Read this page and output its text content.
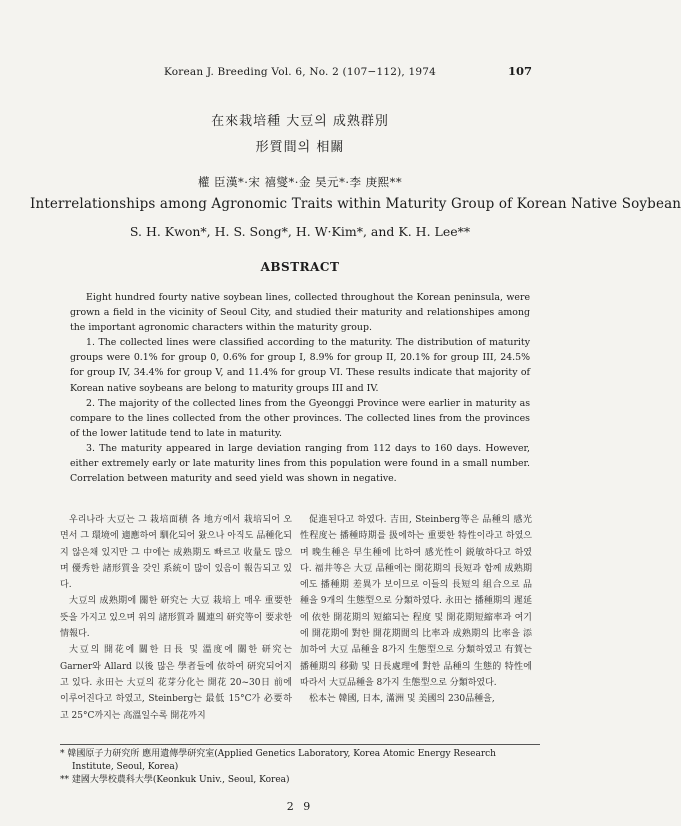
Korean J. Breeding Vol. 6, No. 2 (107−112), 1974	107
在來栽培種 大豆의 成熟群別
形質間의 相關
權 臣漢*·宋 禧燮*·金 昊元*·李 庚熙**
Interrelationships among Agronomic Traits within Maturity Group of Korean Native Soybean
S. H. Kwon*, H. S. Song*, H. W·Kim*, and K. H. Lee**
ABSTRACT

Eight hundred fourty native soybean lines, collected throughout the Korean peninsula, were grown a field in the vicinity of Seoul City, and studied their maturity and relationshipes among the important agronomic characters within the maturity group.

1. The collected lines were classified according to the maturity. The distribution of maturity groups were 0.1% for group 0, 0.6% for group I, 8.9% for group II, 20.1% for group III, 24.5% for group IV, 34.4% for group V, and 11.4% for group VI. These results indicate that majority of Korean native soybeans are belong to maturity groups III and IV.

2. The majority of the collected lines from the Gyeonggi Province were earlier in maturity as compare to the lines collected from the other provinces. The collected lines from the provinces of the lower latitude tend to late in maturity.

3. The maturity appeared in large deviation ranging from 112 days to 160 days. However, either extremely early or late maturity lines from this population were found in a small number. Correlation between maturity and seed yield was shown in negative.

우리나라 大豆는 그 栽培面積 各 地方에서 栽培되어 오면서 그 環境에 適應하여 馴化되어 왔으나 아직도 品種化되지 않은채 있지만 그 中에는 成熟期도 빠르고 收量도 많으며 優秀한 諸形質을 갖인 系統이 많이 있음이 報告되고 있다.

大豆의 成熟期에 關한 研究는 大豆 栽培上 매우 重要한 뜻을 가지고 있으며 위의 諸形質과 關連의 研究等이 要求한 情報다.

大豆의 開花에 關한 日長 및 溫度에 關한 研究는 Garner와 Allard 以後 많은 學者들에 依하여 研究되어지고 있다. 永田는 大豆의 花芽分化는 開花 20~30日 前에 이루어진다고 하였고, Steinberg는 最低 15°C가 必要하고 25°C까지는 高溫일수록 開花까지

促進된다고 하였다. 吉田, Steinberg等은 品種의 感光性程度는 播種時期를 扱에하는 重要한 特性이라고 하였으며 晚生種은 早生種에 比하여 感光性이 鋭敏하다고 하였다. 福井等은 大豆 品種에는 開花期의 長短과 함께 成熟期에도 播種期 差異가 보이므로 이들의 長短의 組合으로 品種을 9개의 生態型으로 分類하였다. 永田는 播種期의 遲延에 依한 開花期의 短縮되는 程度 및 開花期短縮率과 여기에 開花期에 對한 開花期間의 比率과 成熟期의 比率을 添加하여 大豆 品種을 8가지 生態型으로 分類하였고 有賀는 播種期의 移動 및 日長處理에 對한 品種의 生態的 特性에 따라서 大豆品種을 8가지 生態型으로 分類하였다.

松本는 韓國, 日本, 滿洲 및 美國의 230品種을,

* 韓國原子力研究所 應用遺傳學研究室(Applied Genetics Laboratory, Korea Atomic Energy Research
Institute, Seoul, Korea)
** 建國大學校農科大學(Keonkuk Univ., Seoul, Korea)
2 9
